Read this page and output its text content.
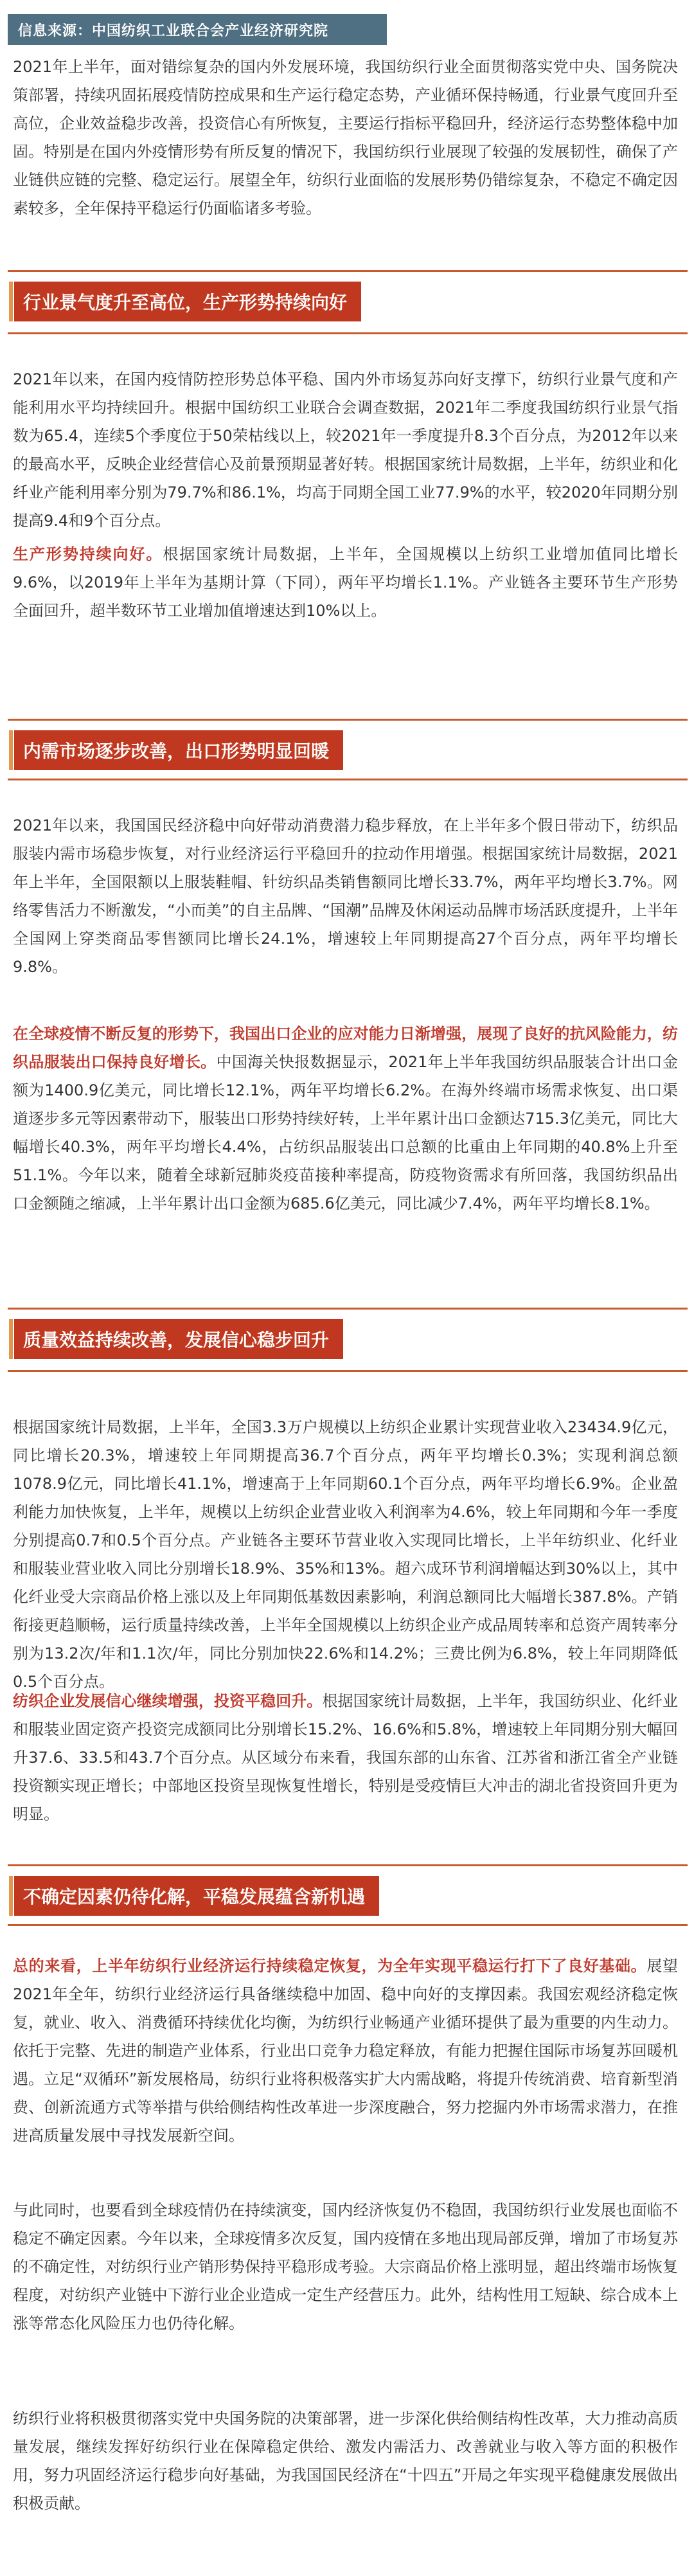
信息来源：中国纺织工业联合会产业经济研究院

2021年上半年，面对错综复杂的国内外发展环境，我国纺织行业全面贯彻落实党中央、国务院决策部署，持续巩固拓展疫情防控成果和生产运行稳定态势，产业循环保持畅通，行业景气度回升至高位，企业效益稳步改善，投资信心有所恢复，主要运行指标平稳回升，经济运行态势整体稳中加固。特别是在国内外疫情形势有所反复的情况下，我国纺织行业展现了较强的发展韧性，确保了产业链供应链的完整、稳定运行。展望全年，纺织行业面临的发展形势仍错综复杂，不稳定不确定因素较多，全年保持平稳运行仍面临诸多考验。

行业景气度升至高位，生产形势持续向好

2021年以来，在国内疫情防控形势总体平稳、国内外市场复苏向好支撑下，纺织行业景气度和产能利用水平均持续回升。根据中国纺织工业联合会调查数据，2021年二季度我国纺织行业景气指数为65.4，连续5个季度位于50荣枯线以上，较2021年一季度提升8.3个百分点，为2012年以来的最高水平，反映企业经营信心及前景预期显著好转。根据国家统计局数据，上半年，纺织业和化纤业产能利用率分别为79.7%和86.1%，均高于同期全国工业77.9%的水平，较2020年同期分别提高9.4和9个百分点。

生产形势持续向好。根据国家统计局数据，上半年，全国规模以上纺织工业增加值同比增长9.6%，以2019年上半年为基期计算（下同），两年平均增长1.1%。产业链各主要环节生产形势全面回升，超半数环节工业增加值增速达到10%以上。

内需市场逐步改善，出口形势明显回暖

2021年以来，我国国民经济稳中向好带动消费潜力稳步释放，在上半年多个假日带动下，纺织品服装内需市场稳步恢复，对行业经济运行平稳回升的拉动作用增强。根据国家统计局数据，2021年上半年，全国限额以上服装鞋帽、针纺织品类销售额同比增长33.7%，两年平均增长3.7%。网络零售活力不断激发，“小而美”的自主品牌、“国潮”品牌及休闲运动品牌市场活跃度提升，上半年全国网上穿类商品零售额同比增长24.1%，增速较上年同期提高27个百分点，两年平均增长9.8%。

在全球疫情不断反复的形势下，我国出口企业的应对能力日渐增强，展现了良好的抗风险能力，纺织品服装出口保持良好增长。中国海关快报数据显示，2021年上半年我国纺织品服装合计出口金额为1400.9亿美元，同比增长12.1%，两年平均增长6.2%。在海外终端市场需求恢复、出口渠道逐步多元等因素带动下，服装出口形势持续好转，上半年累计出口金额达715.3亿美元，同比大幅增长40.3%，两年平均增长4.4%，占纺织品服装出口总额的比重由上年同期的40.8%上升至51.1%。今年以来，随着全球新冠肺炎疫苗接种率提高，防疫物资需求有所回落，我国纺织品出口金额随之缩减，上半年累计出口金额为685.6亿美元，同比减少7.4%，两年平均增长8.1%。

质量效益持续改善，发展信心稳步回升

根据国家统计局数据，上半年，全国3.3万户规模以上纺织企业累计实现营业收入23434.9亿元，同比增长20.3%，增速较上年同期提高36.7个百分点，两年平均增长0.3%；实现利润总额1078.9亿元，同比增长41.1%，增速高于上年同期60.1个百分点，两年平均增长6.9%。企业盈利能力加快恢复，上半年，规模以上纺织企业营业收入利润率为4.6%，较上年同期和今年一季度分别提高0.7和0.5个百分点。产业链各主要环节营业收入实现同比增长，上半年纺织业、化纤业和服装业营业收入同比分别增长18.9%、35%和13%。超六成环节利润增幅达到30%以上，其中化纤业受大宗商品价格上涨以及上年同期低基数因素影响，利润总额同比大幅增长387.8%。产销衔接更趋顺畅，运行质量持续改善，上半年全国规模以上纺织企业产成品周转率和总资产周转率分别为13.2次/年和1.1次/年，同比分别加快22.6%和14.2%；三费比例为6.8%，较上年同期降低0.5个百分点。

纺织企业发展信心继续增强，投资平稳回升。根据国家统计局数据，上半年，我国纺织业、化纤业和服装业固定资产投资完成额同比分别增长15.2%、16.6%和5.8%，增速较上年同期分别大幅回升37.6、33.5和43.7个百分点。从区域分布来看，我国东部的山东省、江苏省和浙江省全产业链投资额实现正增长；中部地区投资呈现恢复性增长，特别是受疫情巨大冲击的湖北省投资回升更为明显。

不确定因素仍待化解，平稳发展蕴含新机遇

总的来看，上半年纺织行业经济运行持续稳定恢复，为全年实现平稳运行打下了良好基础。展望2021年全年，纺织行业经济运行具备继续稳中加固、稳中向好的支撑因素。我国宏观经济稳定恢复，就业、收入、消费循环持续优化均衡，为纺织行业畅通产业循环提供了最为重要的内生动力。依托于完整、先进的制造产业体系，行业出口竞争力稳定释放，有能力把握住国际市场复苏回暖机遇。立足“双循环”新发展格局，纺织行业将积极落实扩大内需战略，将提升传统消费、培育新型消费、创新流通方式等举措与供给侧结构性改革进一步深度融合，努力挖掘内外市场需求潜力，在推进高质量发展中寻找发展新空间。

与此同时，也要看到全球疫情仍在持续演变，国内经济恢复仍不稳固，我国纺织行业发展也面临不稳定不确定因素。今年以来，全球疫情多次反复，国内疫情在多地出现局部反弹，增加了市场复苏的不确定性，对纺织行业产销形势保持平稳形成考验。大宗商品价格上涨明显，超出终端市场恢复程度，对纺织产业链中下游行业企业造成一定生产经营压力。此外，结构性用工短缺、综合成本上涨等常态化风险压力也仍待化解。

纺织行业将积极贯彻落实党中央国务院的决策部署，进一步深化供给侧结构性改革，大力推动高质量发展，继续发挥好纺织行业在保障稳定供给、激发内需活力、改善就业与收入等方面的积极作用，努力巩固经济运行稳步向好基础，为我国国民经济在“十四五”开局之年实现平稳健康发展做出积极贡献。
